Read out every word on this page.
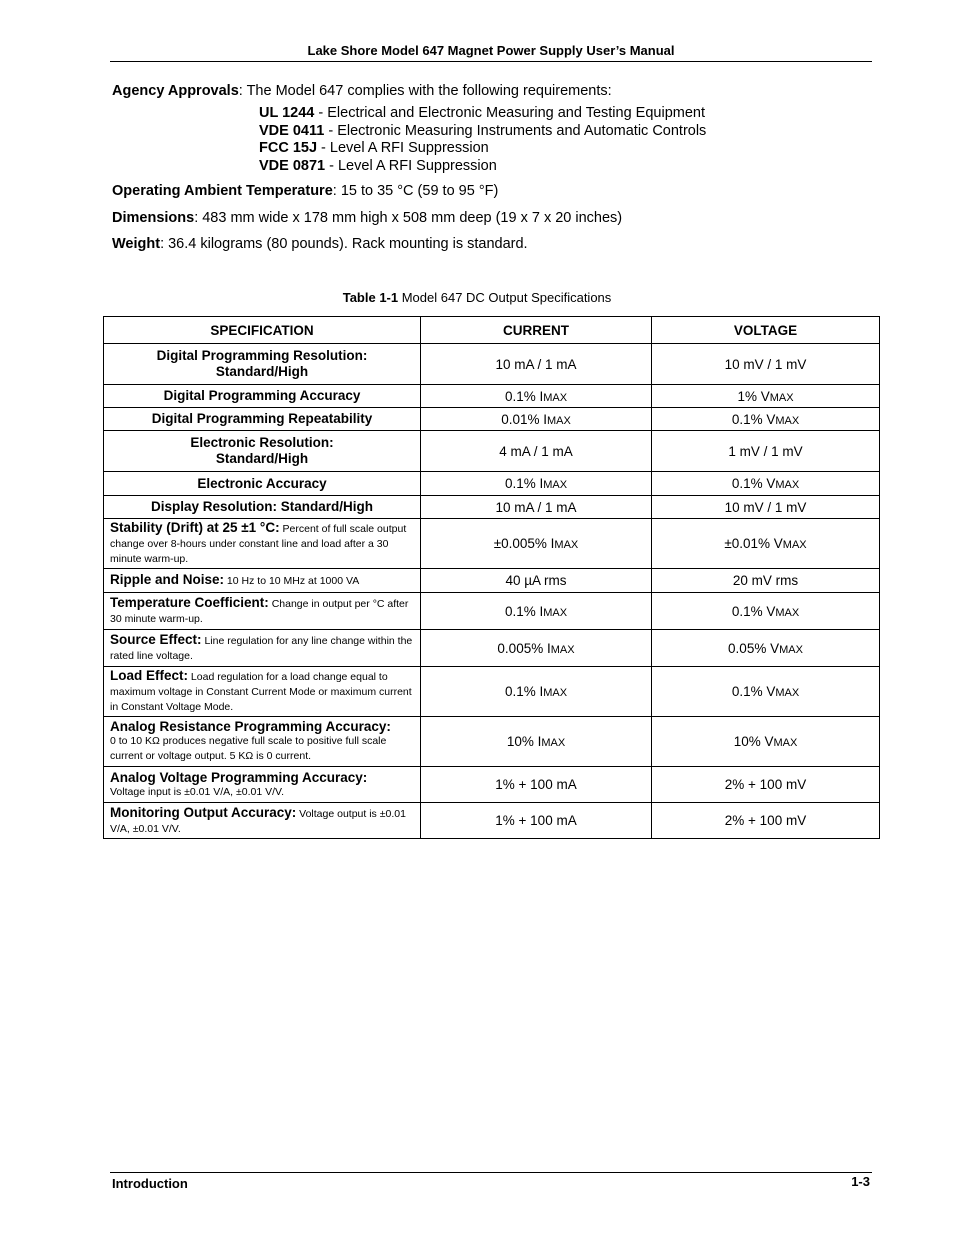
Lake Shore Model 647 Magnet Power Supply User’s Manual
Agency Approvals: The Model 647 complies with the following requirements:
UL 1244 - Electrical and Electronic Measuring and Testing Equipment
VDE 0411 - Electronic Measuring Instruments and Automatic Controls
FCC 15J - Level A RFI Suppression
VDE 0871 - Level A RFI Suppression
Operating Ambient Temperature: 15 to 35 °C (59 to 95 °F)
Dimensions: 483 mm wide x 178 mm high x 508 mm deep (19 x 7 x 20 inches)
Weight: 36.4 kilograms (80 pounds). Rack mounting is standard.
Table 1-1 Model 647 DC Output Specifications
SPECIFICATION	CURRENT	VOLTAGE
Digital Programming Resolution:
Standard/High	10 mA / 1 mA	10 mV / 1 mV
Digital Programming Accuracy	0.1% IMAX	1% VMAX
Digital Programming Repeatability	0.01% IMAX	0.1% VMAX
Electronic Resolution:
Standard/High	4 mA / 1 mA	1 mV / 1 mV
Electronic Accuracy	0.1% IMAX	0.1% VMAX
Display Resolution: Standard/High	10 mA / 1 mA	10 mV / 1 mV
Stability (Drift) at 25 ±1 °C: Percent of full scale output change over 8-hours under constant line and load after a 30 minute warm-up.	±0.005% IMAX	±0.01% VMAX
Ripple and Noise: 10 Hz to 10 MHz at 1000 VA	40 µA rms	20 mV rms
Temperature Coefficient: Change in output per °C after 30 minute warm-up.	0.1% IMAX	0.1% VMAX
Source Effect: Line regulation for any line change within the rated line voltage.	0.005% IMAX	0.05% VMAX
Load Effect: Load regulation for a load change equal to maximum voltage in Constant Current Mode or maximum current in Constant Voltage Mode.	0.1% IMAX	0.1% VMAX
Analog Resistance Programming Accuracy:
0 to 10 KΩ produces negative full scale to positive full scale current or voltage output. 5 KΩ is 0 current.	10% IMAX	10% VMAX
Analog Voltage Programming Accuracy:
Voltage input is ±0.01 V/A, ±0.01 V/V.	1% + 100 mA	2% + 100 mV
Monitoring Output Accuracy: Voltage output is ±0.01 V/A, ±0.01 V/V.	1% + 100 mA	2% + 100 mV
Introduction	1-3
